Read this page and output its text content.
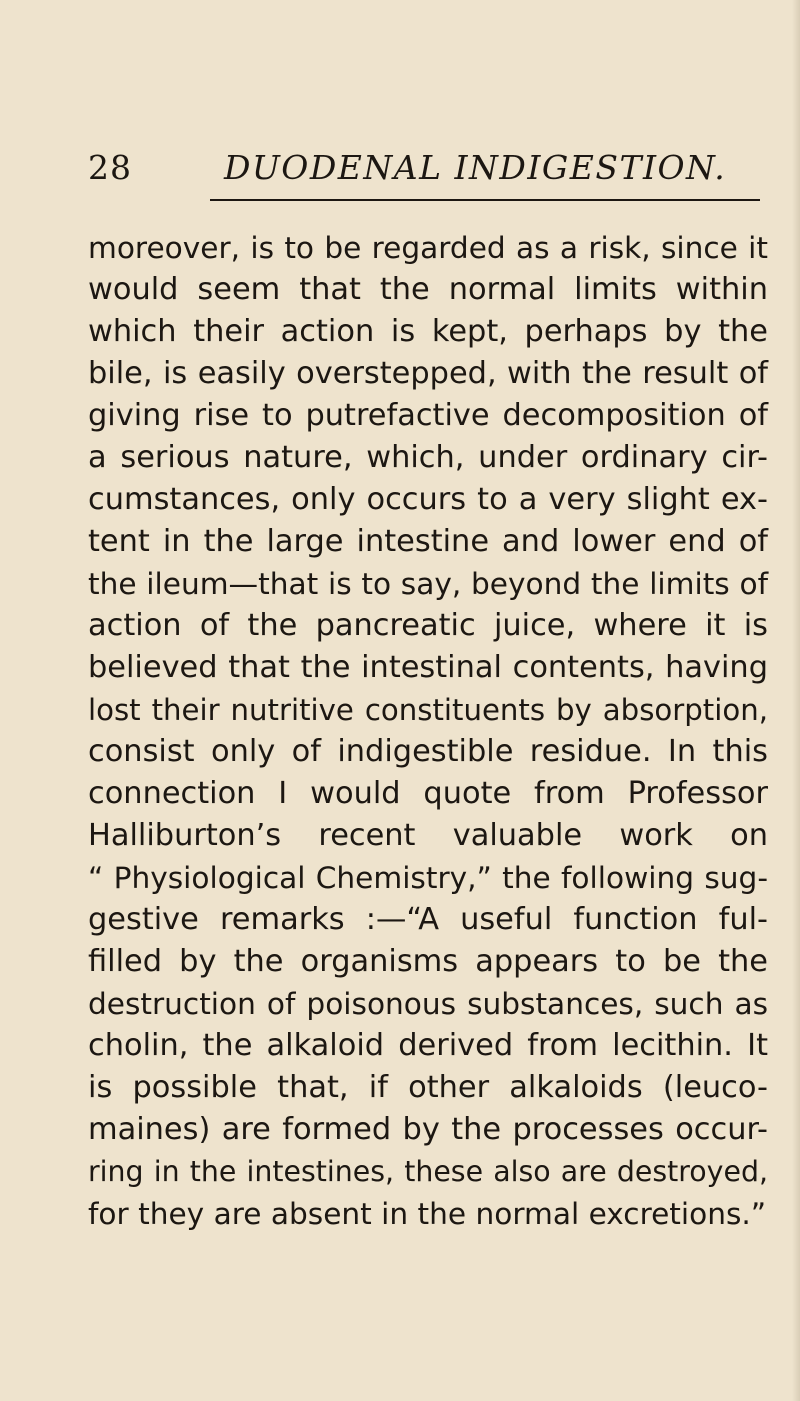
28	DUODENAL INDIGESTION.
moreover, is to be regarded as a risk, since it
would seem that the normal limits within
which their action is kept, perhaps by the
bile, is easily overstepped, with the result of
giving rise to putrefactive decomposition of
a serious nature, which, under ordinary cir-
cumstances, only occurs to a very slight ex-
tent in the large intestine and lower end of
the ileum—that is to say, beyond the limits of
action of the pancreatic juice, where it is
believed that the intestinal contents, having
lost their nutritive constituents by absorption,
consist only of indigestible residue. In this
connection I would quote from Professor
Halliburton’s recent valuable work on
“ Physiological Chemistry,” the following sug-
gestive remarks :—“A useful function ful-
filled by the organisms appears to be the
destruction of poisonous substances, such as
cholin, the alkaloid derived from lecithin. It
is possible that, if other alkaloids (leuco-
maines) are formed by the processes occur-
ring in the intestines, these also are destroyed,
for they are absent in the normal excretions.”
